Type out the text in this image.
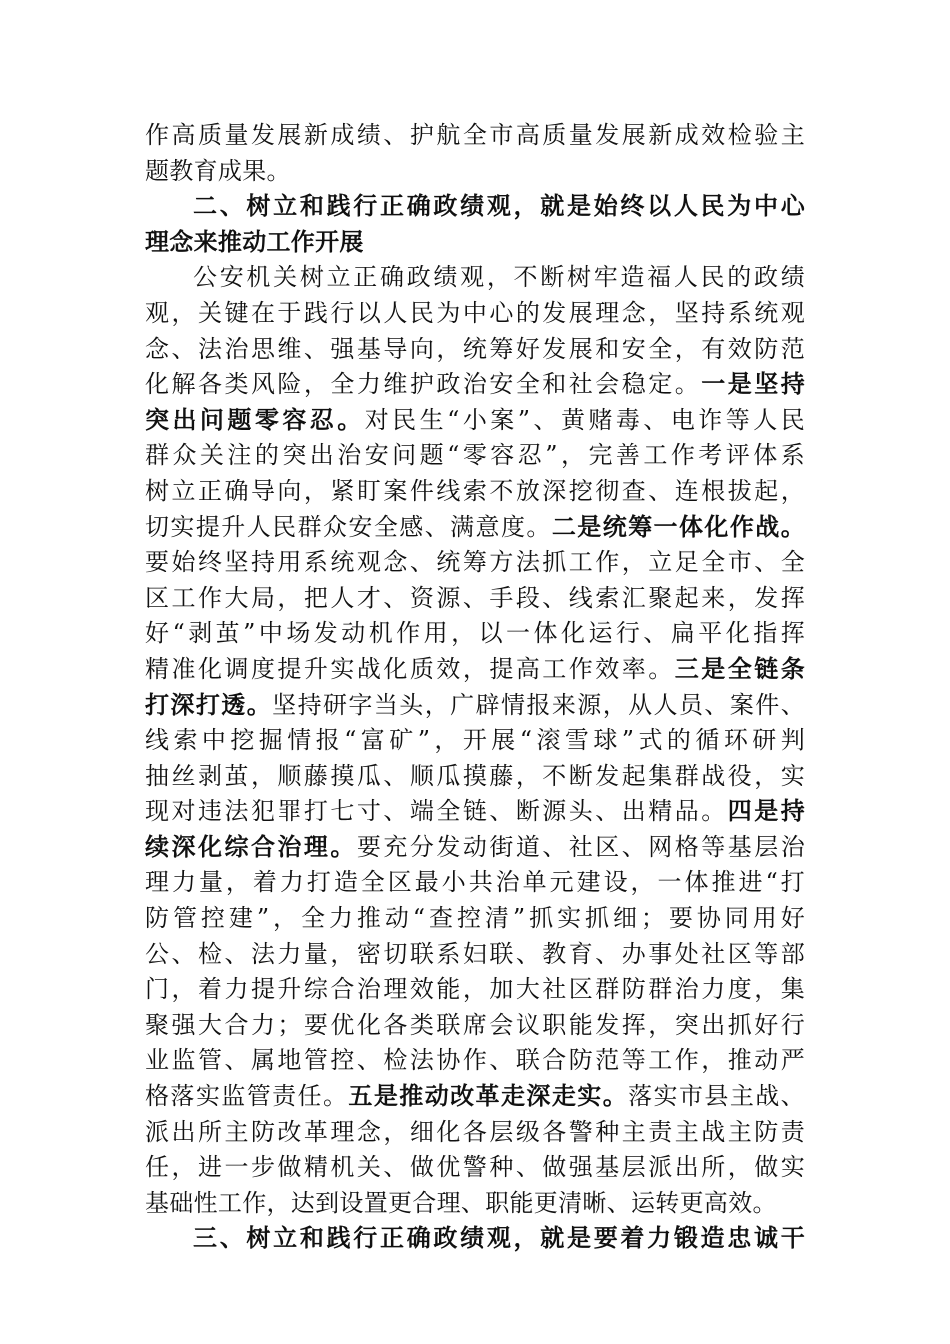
作高质量发展新成绩、护航全市高质量发展新成效检验主
题教育成果。
二、树立和践行正确政绩观，就是始终以人民为中心
理念来推动工作开展
公安机关树立正确政绩观，不断树牢造福人民的政绩
观，关键在于践行以人民为中心的发展理念，坚持系统观
念、法治思维、强基导向，统筹好发展和安全，有效防范
化解各类风险，全力维护政治安全和社会稳定。一是坚持
突出问题零容忍。对民生“小案”、黄赌毒、电诈等人民
群众关注的突出治安问题“零容忍”，完善工作考评体系
树立正确导向，紧盯案件线索不放深挖彻查、连根拔起，
切实提升人民群众安全感、满意度。二是统筹一体化作战。
要始终坚持用系统观念、统筹方法抓工作，立足全市、全
区工作大局，把人才、资源、手段、线索汇聚起来，发挥
好“剥茧”中场发动机作用，以一体化运行、扁平化指挥
精准化调度提升实战化质效，提高工作效率。三是全链条
打深打透。坚持研字当头，广辟情报来源，从人员、案件、
线索中挖掘情报“富矿”，开展“滚雪球”式的循环研判
抽丝剥茧，顺藤摸瓜、顺瓜摸藤，不断发起集群战役，实
现对违法犯罪打七寸、端全链、断源头、出精品。四是持
续深化综合治理。要充分发动街道、社区、网格等基层治
理力量，着力打造全区最小共治单元建设，一体推进“打
防管控建”，全力推动“查控清”抓实抓细；要协同用好
公、检、法力量，密切联系妇联、教育、办事处社区等部
门，着力提升综合治理效能，加大社区群防群治力度，集
聚强大合力；要优化各类联席会议职能发挥，突出抓好行
业监管、属地管控、检法协作、联合防范等工作，推动严
格落实监管责任。五是推动改革走深走实。落实市县主战、
派出所主防改革理念，细化各层级各警种主责主战主防责
任，进一步做精机关、做优警种、做强基层派出所，做实
基础性工作，达到设置更合理、职能更清晰、运转更高效。
三、树立和践行正确政绩观，就是要着力锻造忠诚干
